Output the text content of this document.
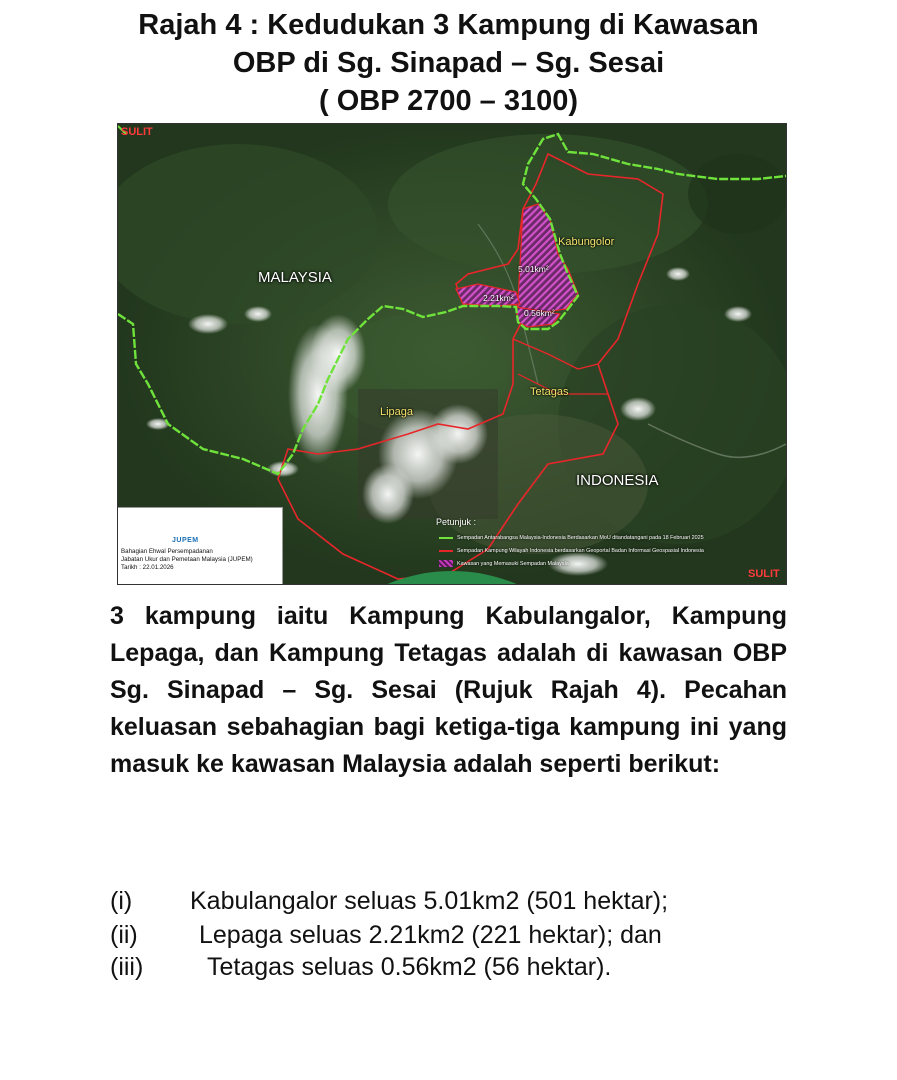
Rajah 4 : Kedudukan 3 Kampung di Kawasan
OBP di Sg. Sinapad – Sg. Sesai
( OBP 2700 – 3100)
SULIT
SULIT
MALAYSIA
INDONESIA
Kabungolor
Tetagas
Lipaga
5.01km²
2.21km²
0.56km²
JUPEM
Bahagian Ehwal Persempadanan
Jabatan Ukur dan Pemetaan Malaysia (JUPEM)
Tarikh : 22.01.2026
Petunjuk :
Sempadan Antarabangsa Malaysia-Indonesia Berdasarkan MoU ditandatangani pada 18 Februari 2025
Sempadan Kampung Wilayah Indonesia berdasarkan Geoportal Badan Informasi Geospasial Indonesia
Kawasan yang Memasuki Sempadan Malaysia

3 kampung iaitu Kampung Kabulangalor, Kampung Lepaga, dan Kampung Tetagas adalah di kawasan OBP Sg. Sinapad – Sg. Sesai (Rujuk Rajah 4). Pecahan keluasan sebahagian bagi ketiga-tiga kampung ini yang masuk ke kawasan Malaysia adalah seperti berikut:

(i) Kabulangalor seluas 5.01km2 (501 hektar);
(ii) Lepaga seluas 2.21km2 (221 hektar); dan
(iii)	Tetagas seluas 0.56km2 (56 hektar).
